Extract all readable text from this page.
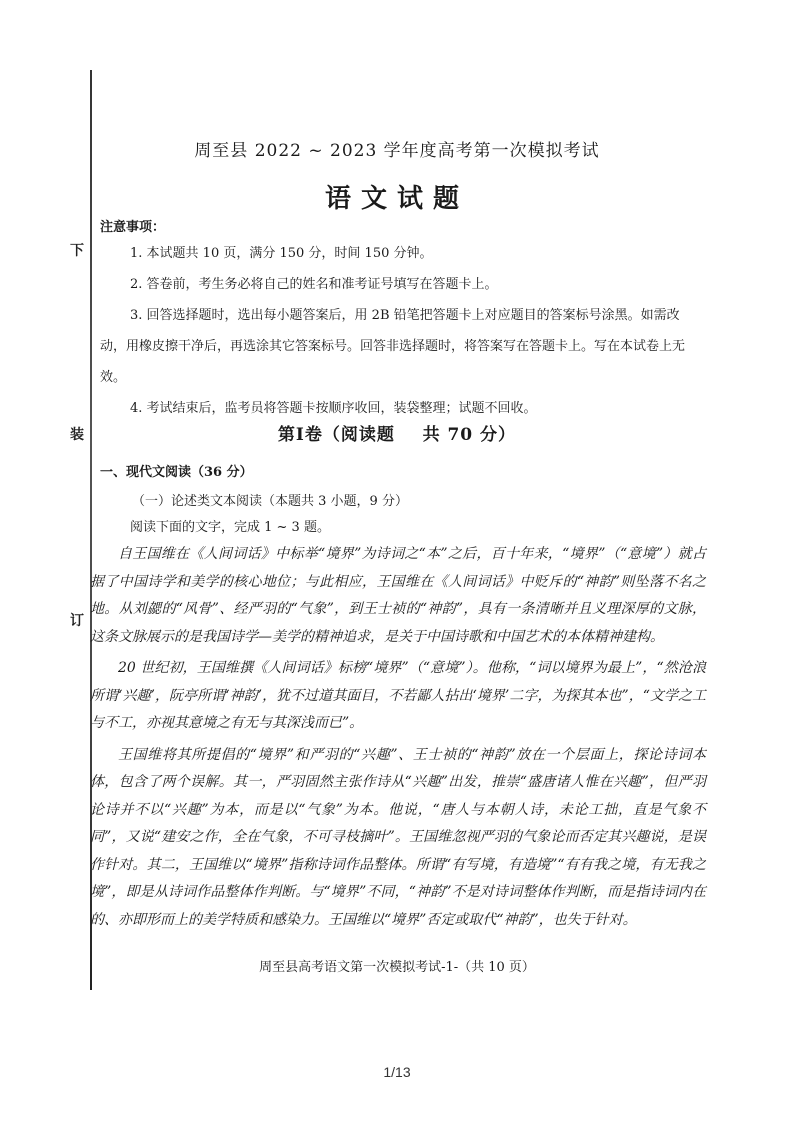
下
装
订
周至县 2022 ~ 2023 学年度高考第一次模拟考试
语文试题
注意事项：

1. 本试题共 10 页，满分 150 分，时间 150 分钟。

2. 答卷前，考生务必将自己的姓名和准考证号填写在答题卡上。

3. 回答选择题时，选出每小题答案后，用 2B 铅笔把答题卡上对应题目的答案标号涂黑。如需改动，用橡皮擦干净后，再选涂其它答案标号。回答非选择题时，将答案写在答题卡上。写在本试卷上无效。

4. 考试结束后，监考员将答题卡按顺序收回，装袋整理；试题不回收。

第Ⅰ卷（阅读题 共 70 分）
一、现代文阅读（36 分）
（一）论述类文本阅读（本题共 3 小题，9 分）
阅读下面的文字，完成 1 ~ 3 题。

自王国维在《人间词话》中标举“境界”为诗词之“本”之后，百十年来，“境界”（“意境”）就占据了中国诗学和美学的核心地位；与此相应，王国维在《人间词话》中贬斥的“神韵”则坠落不名之地。从刘勰的“风骨”、经严羽的“气象”，到王士祯的“神韵”，具有一条清晰并且义理深厚的文脉，这条文脉展示的是我国诗学—美学的精神追求，是关于中国诗歌和中国艺术的本体精神建构。

20 世纪初，王国维撰《人间词话》标榜“境界”（“意境”）。他称，“词以境界为最上”，“然沧浪所谓‘兴趣’，阮亭所谓‘神韵’，犹不过道其面目，不若鄙人拈出‘境界’二字，为探其本也”，“文学之工与不工，亦视其意境之有无与其深浅而已”。

王国维将其所提倡的“境界”和严羽的“兴趣”、王士祯的“神韵”放在一个层面上，探论诗词本体，包含了两个误解。其一，严羽固然主张作诗从“兴趣”出发，推崇“盛唐诸人惟在兴趣”，但严羽论诗并不以“兴趣”为本，而是以“气象”为本。他说，“唐人与本朝人诗，未论工拙，直是气象不同”，又说“建安之作，全在气象，不可寻枝摘叶”。王国维忽视严羽的气象论而否定其兴趣说，是误作针对。其二，王国维以“境界”指称诗词作品整体。所谓“有写境，有造境”“有有我之境，有无我之境”，即是从诗词作品整体作判断。与“境界”不同，“神韵”不是对诗词整体作判断，而是指诗词内在的、亦即形而上的美学特质和感染力。王国维以“境界”否定或取代“神韵”，也失于针对。

周至县高考语文第一次模拟考试-1-（共 10 页）
1/13
